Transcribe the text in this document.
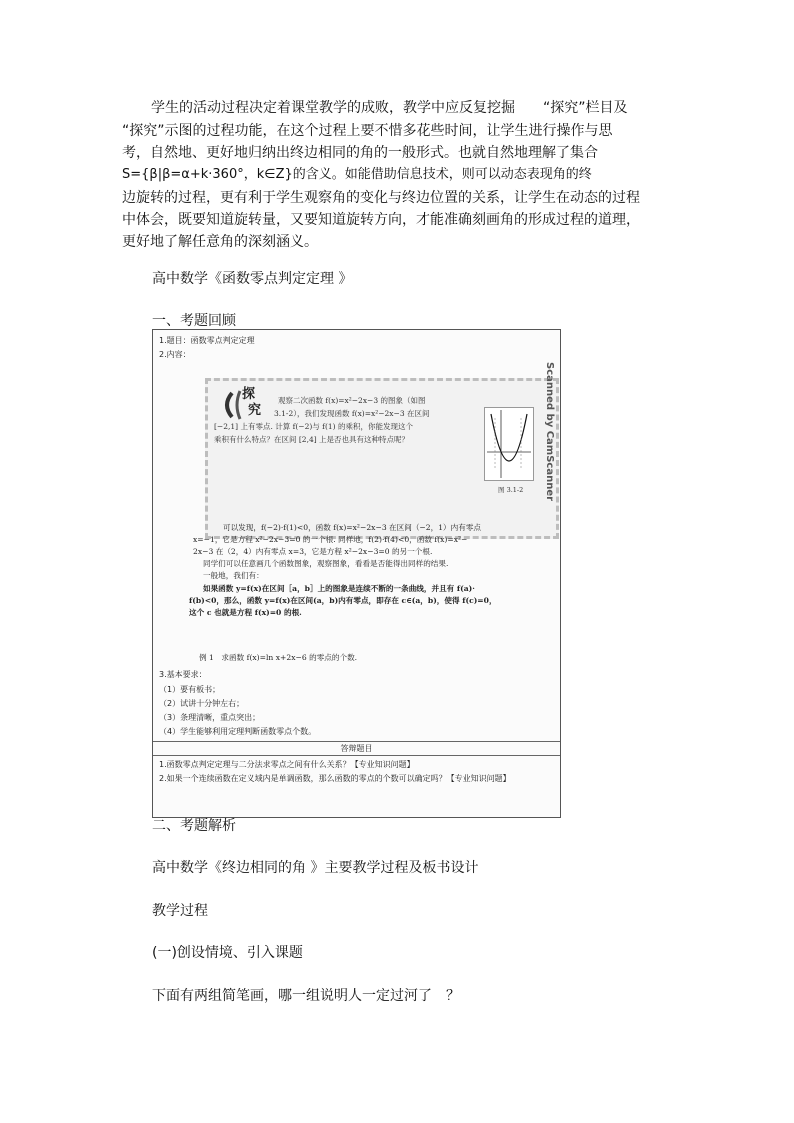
学生的活动过程决定着课堂教学的成败，教学中应反复挖掘　　“探究”栏目及
“探究”示图的过程功能，在这个过程上要不惜多花些时间，让学生进行操作与思
考，自然地、更好地归纳出终边相同的角的一般形式。也就自然地理解了集合
S={β|β=α+k·360°，k∈Z}的含义。如能借助信息技术，则可以动态表现角的终
边旋转的过程，更有利于学生观察角的变化与终边位置的关系，让学生在动态的过程
中体会，既要知道旋转量，又要知道旋转方向，才能准确刻画角的形成过程的道理，
更好地了解任意角的深刻涵义。
高中数学《函数零点判定定理 》
一、考题回顾
1.题目：函数零点判定定理
2.内容：
探
究
观察二次函数 f(x)=x²−2x−3 的图象（如图
3.1-2），我们发现函数 f(x)=x²−2x−3 在区间
[−2,1] 上有零点. 计算 f(−2)与 f(1) 的乘积，你能发现这个
乘积有什么特点？在区间 [2,4] 上是否也具有这种特点呢？
图 3.1-2 Scanned by CamScanner
可以发现，f(−2)·f(1)<0，函数 f(x)=x²−2x−3 在区间（−2，1）内有零点
x=−1，它是方程 x²−2x−3=0 的一个根. 同样地，f(2)·f(4)<0，函数 f(x)=x²−
2x−3 在（2，4）内有零点 x=3，它是方程 x²−2x−3=0 的另一个根.
同学们可以任意画几个函数图象，观察图象，看看是否能得出同样的结果.
一般地，我们有：
如果函数 y=f(x)在区间［a，b］上的图象是连续不断的一条曲线，并且有 f(a)·
f(b)<0，那么，函数 y=f(x)在区间(a，b)内有零点，即存在 c∈(a，b)，使得 f(c)=0，
这个 c 也就是方程 f(x)=0 的根.
例 1　求函数 f(x)=ln x+2x−6 的零点的个数.
3.基本要求：
（1）要有板书；
（2）试讲十分钟左右；
（3）条理清晰，重点突出；
（4）学生能够利用定理判断函数零点个数。
答辩题目
1.函数零点判定定理与二分法求零点之间有什么关系？【专业知识问题】
2.如果一个连续函数在定义域内是单调函数，那么函数的零点的个数可以确定吗？【专业知识问题】
二、考题解析
高中数学《终边相同的角 》主要教学过程及板书设计
教学过程
(一)创设情境、引入课题
下面有两组简笔画，哪一组说明人一定过河了　？
